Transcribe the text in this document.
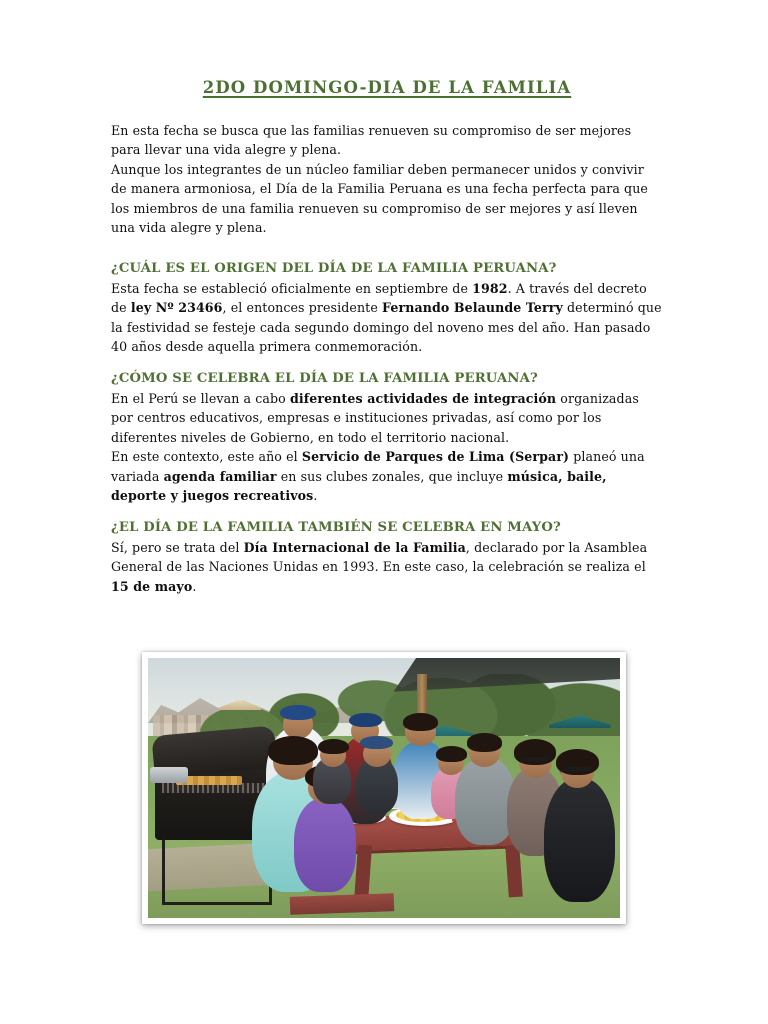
2DO DOMINGO-DIA DE LA FAMILIA

En esta fecha se busca que las familias renueven su compromiso de ser mejores para llevar una vida alegre y plena.

Aunque los integrantes de un núcleo familiar deben permanecer unidos y convivir de manera armoniosa, el Día de la Familia Peruana es una fecha perfecta para que los miembros de una familia renueven su compromiso de ser mejores y así lleven una vida alegre y plena.

¿CUÁL ES EL ORIGEN DEL DÍA DE LA FAMILIA PERUANA?

Esta fecha se estableció oficialmente en septiembre de 1982. A través del decreto de ley Nº 23466, el entonces presidente Fernando Belaunde Terry determinó que la festividad se festeje cada segundo domingo del noveno mes del año. Han pasado 40 años desde aquella primera conmemoración.

¿CÓMO SE CELEBRA EL DÍA DE LA FAMILIA PERUANA?

En el Perú se llevan a cabo diferentes actividades de integración organizadas por centros educativos, empresas e instituciones privadas, así como por los diferentes niveles de Gobierno, en todo el territorio nacional.

En este contexto, este año el Servicio de Parques de Lima (Serpar) planeó una variada agenda familiar en sus clubes zonales, que incluye música, baile, deporte y juegos recreativos.

¿EL DÍA DE LA FAMILIA TAMBIÉN SE CELEBRA EN MAYO?

Sí, pero se trata del Día Internacional de la Familia, declarado por la Asamblea General de las Naciones Unidas en 1993. En este caso, la celebración se realiza el 15 de mayo.
